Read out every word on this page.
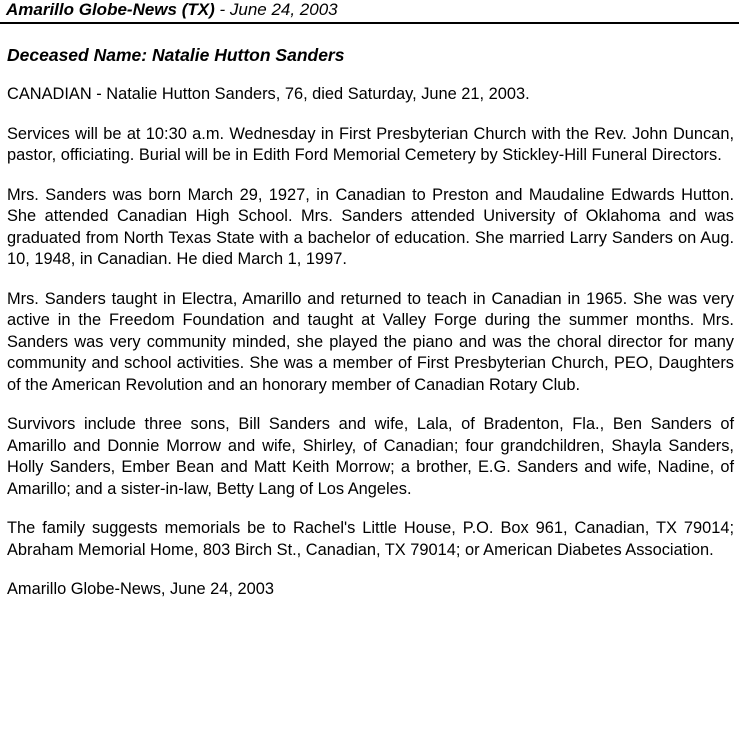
Amarillo Globe-News (TX) - June 24, 2003
Deceased Name: Natalie Hutton Sanders

CANADIAN - Natalie Hutton Sanders, 76, died Saturday, June 21, 2003.

Services will be at 10:30 a.m. Wednesday in First Presbyterian Church with the Rev. John Duncan, pastor, officiating. Burial will be in Edith Ford Memorial Cemetery by Stickley-Hill Funeral Directors.

Mrs. Sanders was born March 29, 1927, in Canadian to Preston and Maudaline Edwards Hutton. She attended Canadian High School. Mrs. Sanders attended University of Oklahoma and was graduated from North Texas State with a bachelor of education. She married Larry Sanders on Aug. 10, 1948, in Canadian. He died March 1, 1997.

Mrs. Sanders taught in Electra, Amarillo and returned to teach in Canadian in 1965. She was very active in the Freedom Foundation and taught at Valley Forge during the summer months. Mrs. Sanders was very community minded, she played the piano and was the choral director for many community and school activities. She was a member of First Presbyterian Church, PEO, Daughters of the American Revolution and an honorary member of Canadian Rotary Club.

Survivors include three sons, Bill Sanders and wife, Lala, of Bradenton, Fla., Ben Sanders of Amarillo and Donnie Morrow and wife, Shirley, of Canadian; four grandchildren, Shayla Sanders, Holly Sanders, Ember Bean and Matt Keith Morrow; a brother, E.G. Sanders and wife, Nadine, of Amarillo; and a sister-in-law, Betty Lang of Los Angeles.

The family suggests memorials be to Rachel's Little House, P.O. Box 961, Canadian, TX 79014; Abraham Memorial Home, 803 Birch St., Canadian, TX 79014; or American Diabetes Association.

Amarillo Globe-News, June 24, 2003
